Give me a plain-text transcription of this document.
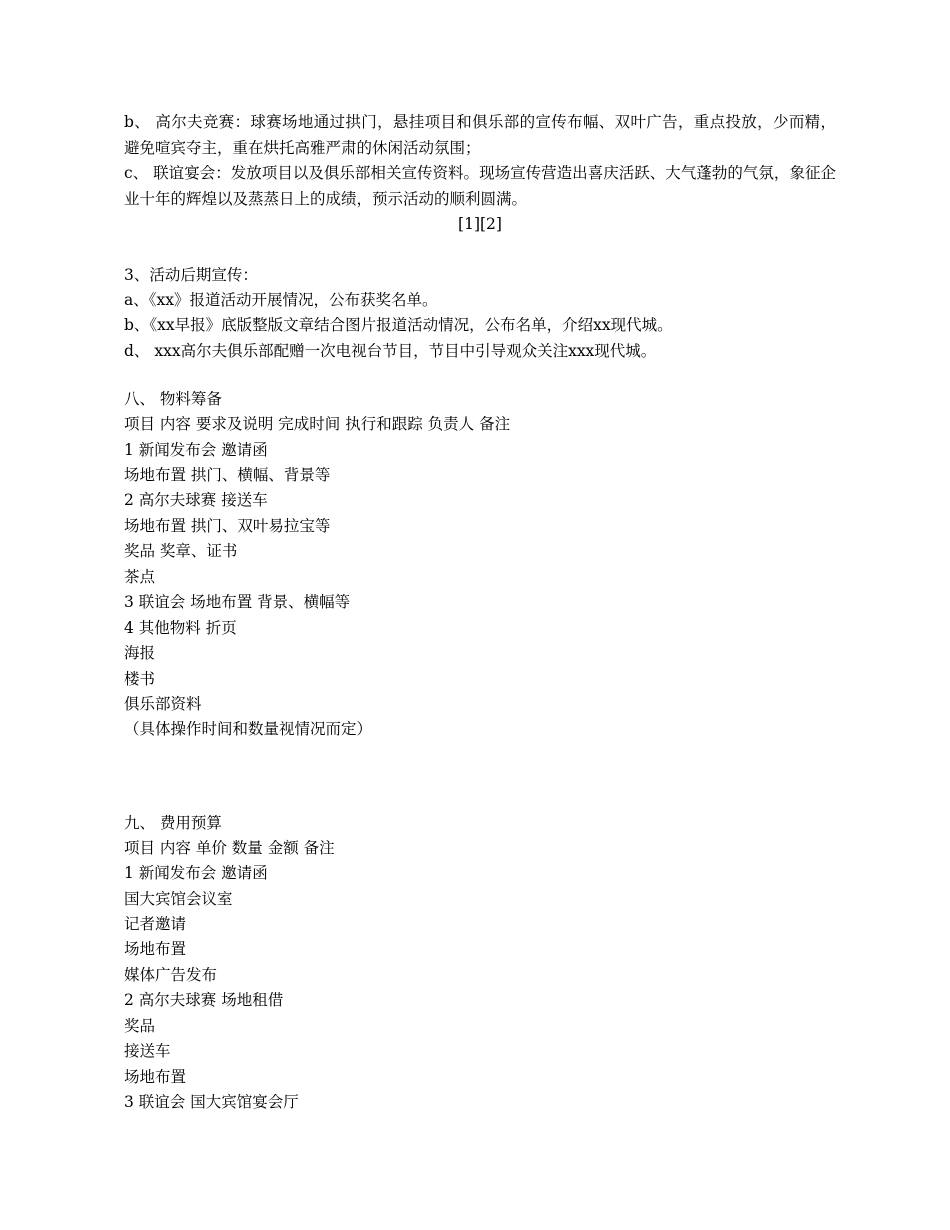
b、 高尔夫竞赛：球赛场地通过拱门，悬挂项目和俱乐部的宣传布幅、双叶广告，重点投放，少而精，避免喧宾夺主，重在烘托高雅严肃的休闲活动氛围；
c、 联谊宴会：发放项目以及俱乐部相关宣传资料。现场宣传营造出喜庆活跃、大气蓬勃的气氛，象征企业十年的辉煌以及蒸蒸日上的成绩，预示活动的顺利圆满。
[1][2]
3、活动后期宣传：
a、《xx》报道活动开展情况，公布获奖名单。
b、《xx早报》底版整版文章结合图片报道活动情况，公布名单，介绍xx现代城。
d、 xxx高尔夫俱乐部配赠一次电视台节目，节目中引导观众关注xxx现代城。
八、 物料筹备
项目 内容 要求及说明 完成时间 执行和跟踪 负责人 备注
1 新闻发布会 邀请函
场地布置 拱门、横幅、背景等
2 高尔夫球赛 接送车
场地布置 拱门、双叶易拉宝等
奖品 奖章、证书
茶点
3 联谊会 场地布置 背景、横幅等
4 其他物料 折页
海报
楼书
俱乐部资料
（具体操作时间和数量视情况而定）
九、 费用预算
项目 内容 单价 数量 金额 备注
1 新闻发布会 邀请函
国大宾馆会议室
记者邀请
场地布置
媒体广告发布
2 高尔夫球赛 场地租借
奖品
接送车
场地布置
3 联谊会 国大宾馆宴会厅
